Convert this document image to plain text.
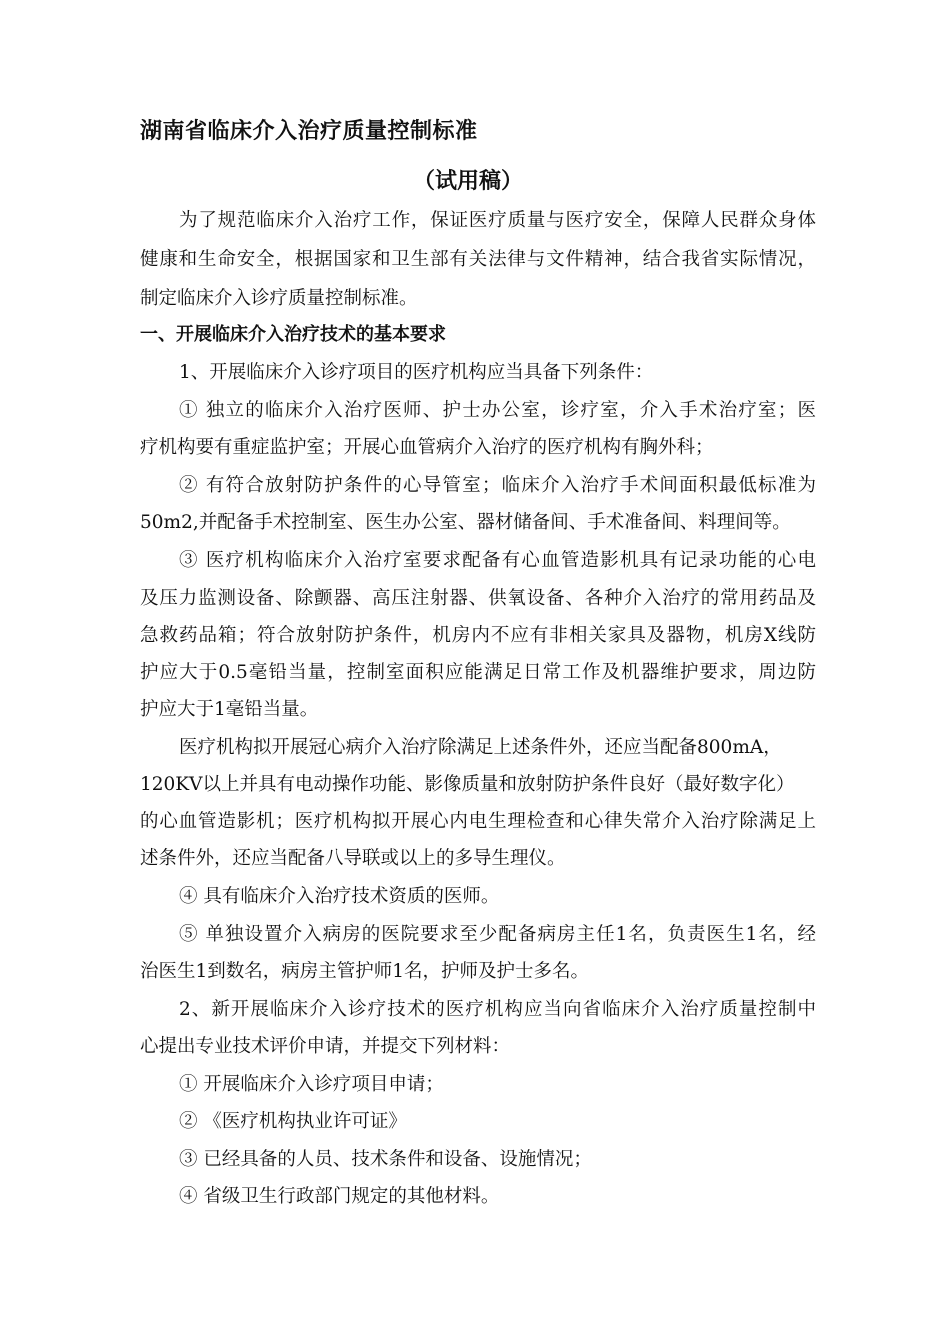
湖南省临床介入治疗质量控制标准
（试用稿）
为了规范临床介入治疗工作，保证医疗质量与医疗安全，保障人民群众身体
健康和生命安全，根据国家和卫生部有关法律与文件精神，结合我省实际情况，
制定临床介入诊疗质量控制标准。
一、开展临床介入治疗技术的基本要求
1、开展临床介入诊疗项目的医疗机构应当具备下列条件：
① 独立的临床介入治疗医师、护士办公室，诊疗室，介入手术治疗室；医
疗机构要有重症监护室；开展心血管病介入治疗的医疗机构有胸外科；
② 有符合放射防护条件的心导管室；临床介入治疗手术间面积最低标准为
50m2,并配备手术控制室、医生办公室、器材储备间、手术准备间、料理间等。
③ 医疗机构临床介入治疗室要求配备有心血管造影机具有记录功能的心电
及压力监测设备、除颤器、高压注射器、供氧设备、各种介入治疗的常用药品及
急救药品箱；符合放射防护条件，机房内不应有非相关家具及器物，机房X线防
护应大于0.5毫铅当量，控制室面积应能满足日常工作及机器维护要求，周边防
护应大于1毫铅当量。
医疗机构拟开展冠心病介入治疗除满足上述条件外，还应当配备800mA，
120KV以上并具有电动操作功能、影像质量和放射防护条件良好（最好数字化）
的心血管造影机；医疗机构拟开展心内电生理检查和心律失常介入治疗除满足上
述条件外，还应当配备八导联或以上的多导生理仪。
④ 具有临床介入治疗技术资质的医师。
⑤ 单独设置介入病房的医院要求至少配备病房主任1名，负责医生1名，经
治医生1到数名，病房主管护师1名，护师及护士多名。
2、新开展临床介入诊疗技术的医疗机构应当向省临床介入治疗质量控制中
心提出专业技术评价申请，并提交下列材料：
① 开展临床介入诊疗项目申请；
② 《医疗机构执业许可证》
③ 已经具备的人员、技术条件和设备、设施情况；
④ 省级卫生行政部门规定的其他材料。
